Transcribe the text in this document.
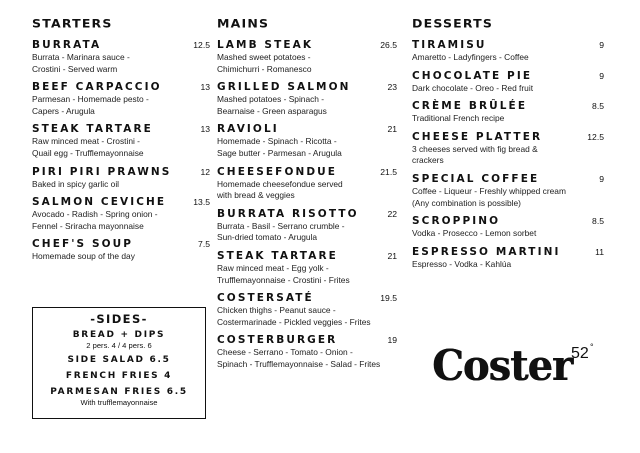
STARTERS
BURRATA	12.5
Burrata - Marinara sauce -
Crostini - Served warm
BEEF CARPACCIO	13
Parmesan - Homemade pesto -
Capers - Arugula
STEAK TARTARE	13
Raw minced meat - Crostini -
Quail egg - Trufflemayonnaise
PIRI PIRI PRAWNS	12
Baked in spicy garlic oil
SALMON CEVICHE	13.5
Avocado - Radish - Spring onion -
Fennel - Sriracha mayonnaise
CHEF'S SOUP	7.5
Homemade soup of the day
MAINS
LAMB STEAK	26.5
Mashed sweet potatoes -
Chimichurri - Romanesco
GRILLED SALMON	23
Mashed potatoes - Spinach -
Bearnaise - Green asparagus
RAVIOLI	21
Homemade - Spinach - Ricotta -
Sage butter - Parmesan - Arugula
CHEESEFONDUE	21.5
Homemade cheesefondue served
with bread & veggies
BURRATA RISOTTO	22
Burrata - Basil - Serrano crumble -
Sun-dried tomato - Arugula
STEAK TARTARE	21
Raw minced meat - Egg yolk -
Trufflemayonnaise - Crostini - Frites
COSTERSATÉ	19.5
Chicken thighs - Peanut sauce -
Costermarinade - Pickled veggies - Frites
COSTERBURGER	19
Cheese - Serrano - Tomato - Onion -
Spinach - Trufflemayonnaise - Salad - Frites
DESSERTS
TIRAMISU	9
Amaretto - Ladyfingers - Coffee
CHOCOLATE PIE	9
Dark chocolate - Oreo - Red fruit
CRÈME BRÛLÉE	8.5
Traditional French recipe
CHEESE PLATTER	12.5
3 cheeses served with fig bread &
crackers
SPECIAL COFFEE	9
Coffee - Liqueur - Freshly whipped cream
(Any combination is possible)
SCROPPINO	8.5
Vodka - Prosecco - Lemon sorbet
ESPRESSO MARTINI	11
Espresso - Vodka - Kahlúa
-SIDES-
BREAD + DIPS
2 pers. 4 / 4 pers. 6
SIDE SALAD 6.5
FRENCH FRIES 4
PARMESAN FRIES 6.5
With trufflemayonnaise
Coster 52 °
